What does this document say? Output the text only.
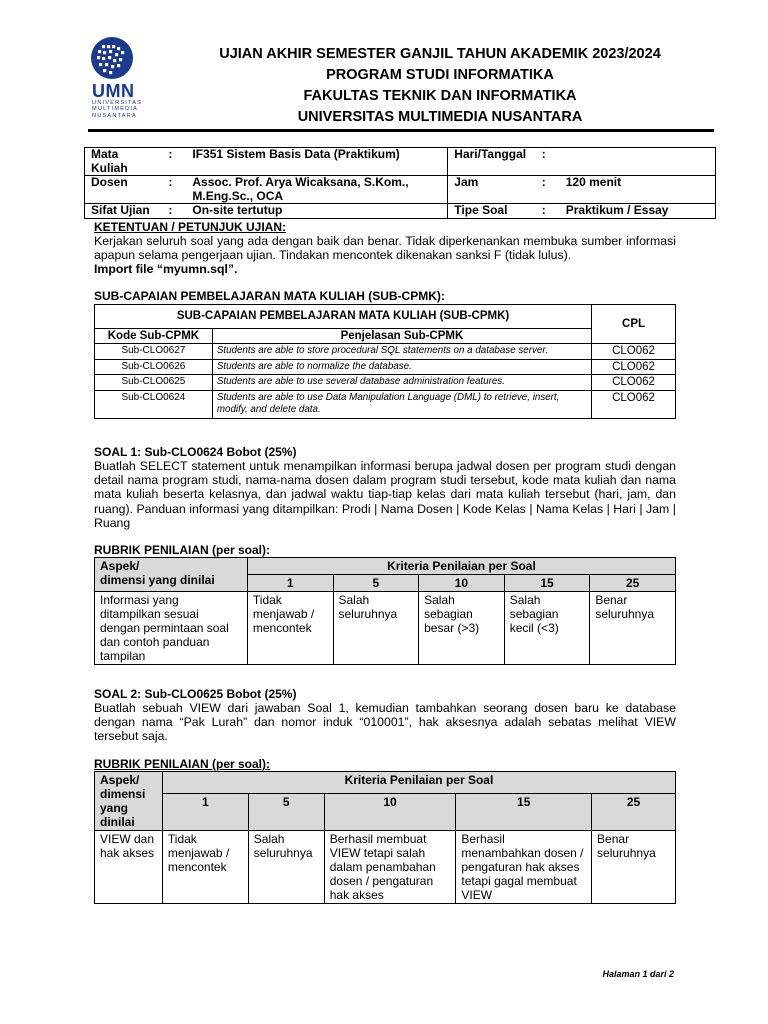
UMN
UNIVERSITAS
MULTIMEDIA
NUSANTARA
UJIAN AKHIR SEMESTER GANJIL TAHUN AKADEMIK 2023/2024
PROGRAM STUDI INFORMATIKA
FAKULTAS TEKNIK DAN INFORMATIKA
UNIVERSITAS MULTIMEDIA NUSANTARA
Mata Kuliah	:	IF351 Sistem Basis Data (Praktikum)	Hari/Tanggal	:	
Dosen	:	Assoc. Prof. Arya Wicaksana, S.Kom.,
M.Eng.Sc., OCA	Jam	:	120 menit
Sifat Ujian	:	On-site tertutup	Tipe Soal	:	Praktikum / Essay
KETENTUAN / PETUNJUK UJIAN:
Kerjakan seluruh soal yang ada dengan baik dan benar. Tidak diperkenankan membuka sumber informasi apapun selama pengerjaan ujian. Tindakan mencontek dikenakan sanksi F (tidak lulus).
Import file “myumn.sql”.
SUB-CAPAIAN PEMBELAJARAN MATA KULIAH (SUB-CPMK):
SUB-CAPAIAN PEMBELAJARAN MATA KULIAH (SUB-CPMK)		CPL
Kode Sub-CPMK	Penjelasan Sub-CPMK	
Sub-CLO0627	Students are able to store procedural SQL statements on a database server.	CLO062
Sub-CLO0626	Students are able to normalize the database.	CLO062
Sub-CLO0625	Students are able to use several database administration features.	CLO062
Sub-CLO0624	Students are able to use Data Manipulation Language (DML) to retrieve, insert, modify, and delete data.	CLO062
SOAL 1: Sub-CLO0624 Bobot (25%)
Buatlah SELECT statement untuk menampilkan informasi berupa jadwal dosen per program studi dengan detail nama program studi, nama-nama dosen dalam program studi tersebut, kode mata kuliah dan nama mata kuliah beserta kelasnya, dan jadwal waktu tiap-tiap kelas dari mata kuliah tersebut (hari, jam, dan ruang). Panduan informasi yang ditampilkan: Prodi | Nama Dosen | Kode Kelas | Nama Kelas | Hari | Jam | Ruang
RUBRIK PENILAIAN (per soal):
Aspek/
dimensi yang dinilai	Kriteria Penilaian per Soal				
	1	5	10	15	25
Informasi yang ditampilkan sesuai dengan permintaan soal dan contoh panduan tampilan	Tidak menjawab / mencontek	Salah seluruhnya	Salah sebagian besar (>3)	Salah sebagian kecil (<3)	Benar seluruhnya
SOAL 2: Sub-CLO0625 Bobot (25%)
Buatlah sebuah VIEW dari jawaban Soal 1, kemudian tambahkan seorang dosen baru ke database dengan nama “Pak Lurah” dan nomor induk “010001”, hak aksesnya adalah sebatas melihat VIEW tersebut saja.
RUBRIK PENILAIAN (per soal):
Aspek/ dimensi yang dinilai	Kriteria Penilaian per Soal				
	1	5	10	15	25
VIEW dan hak akses	Tidak menjawab / mencontek	Salah seluruhnya	Berhasil membuat VIEW tetapi salah dalam penambahan dosen / pengaturan hak akses	Berhasil menambahkan dosen / pengaturan hak akses tetapi gagal membuat VIEW	Benar seluruhnya
Halaman 1 dari 2
